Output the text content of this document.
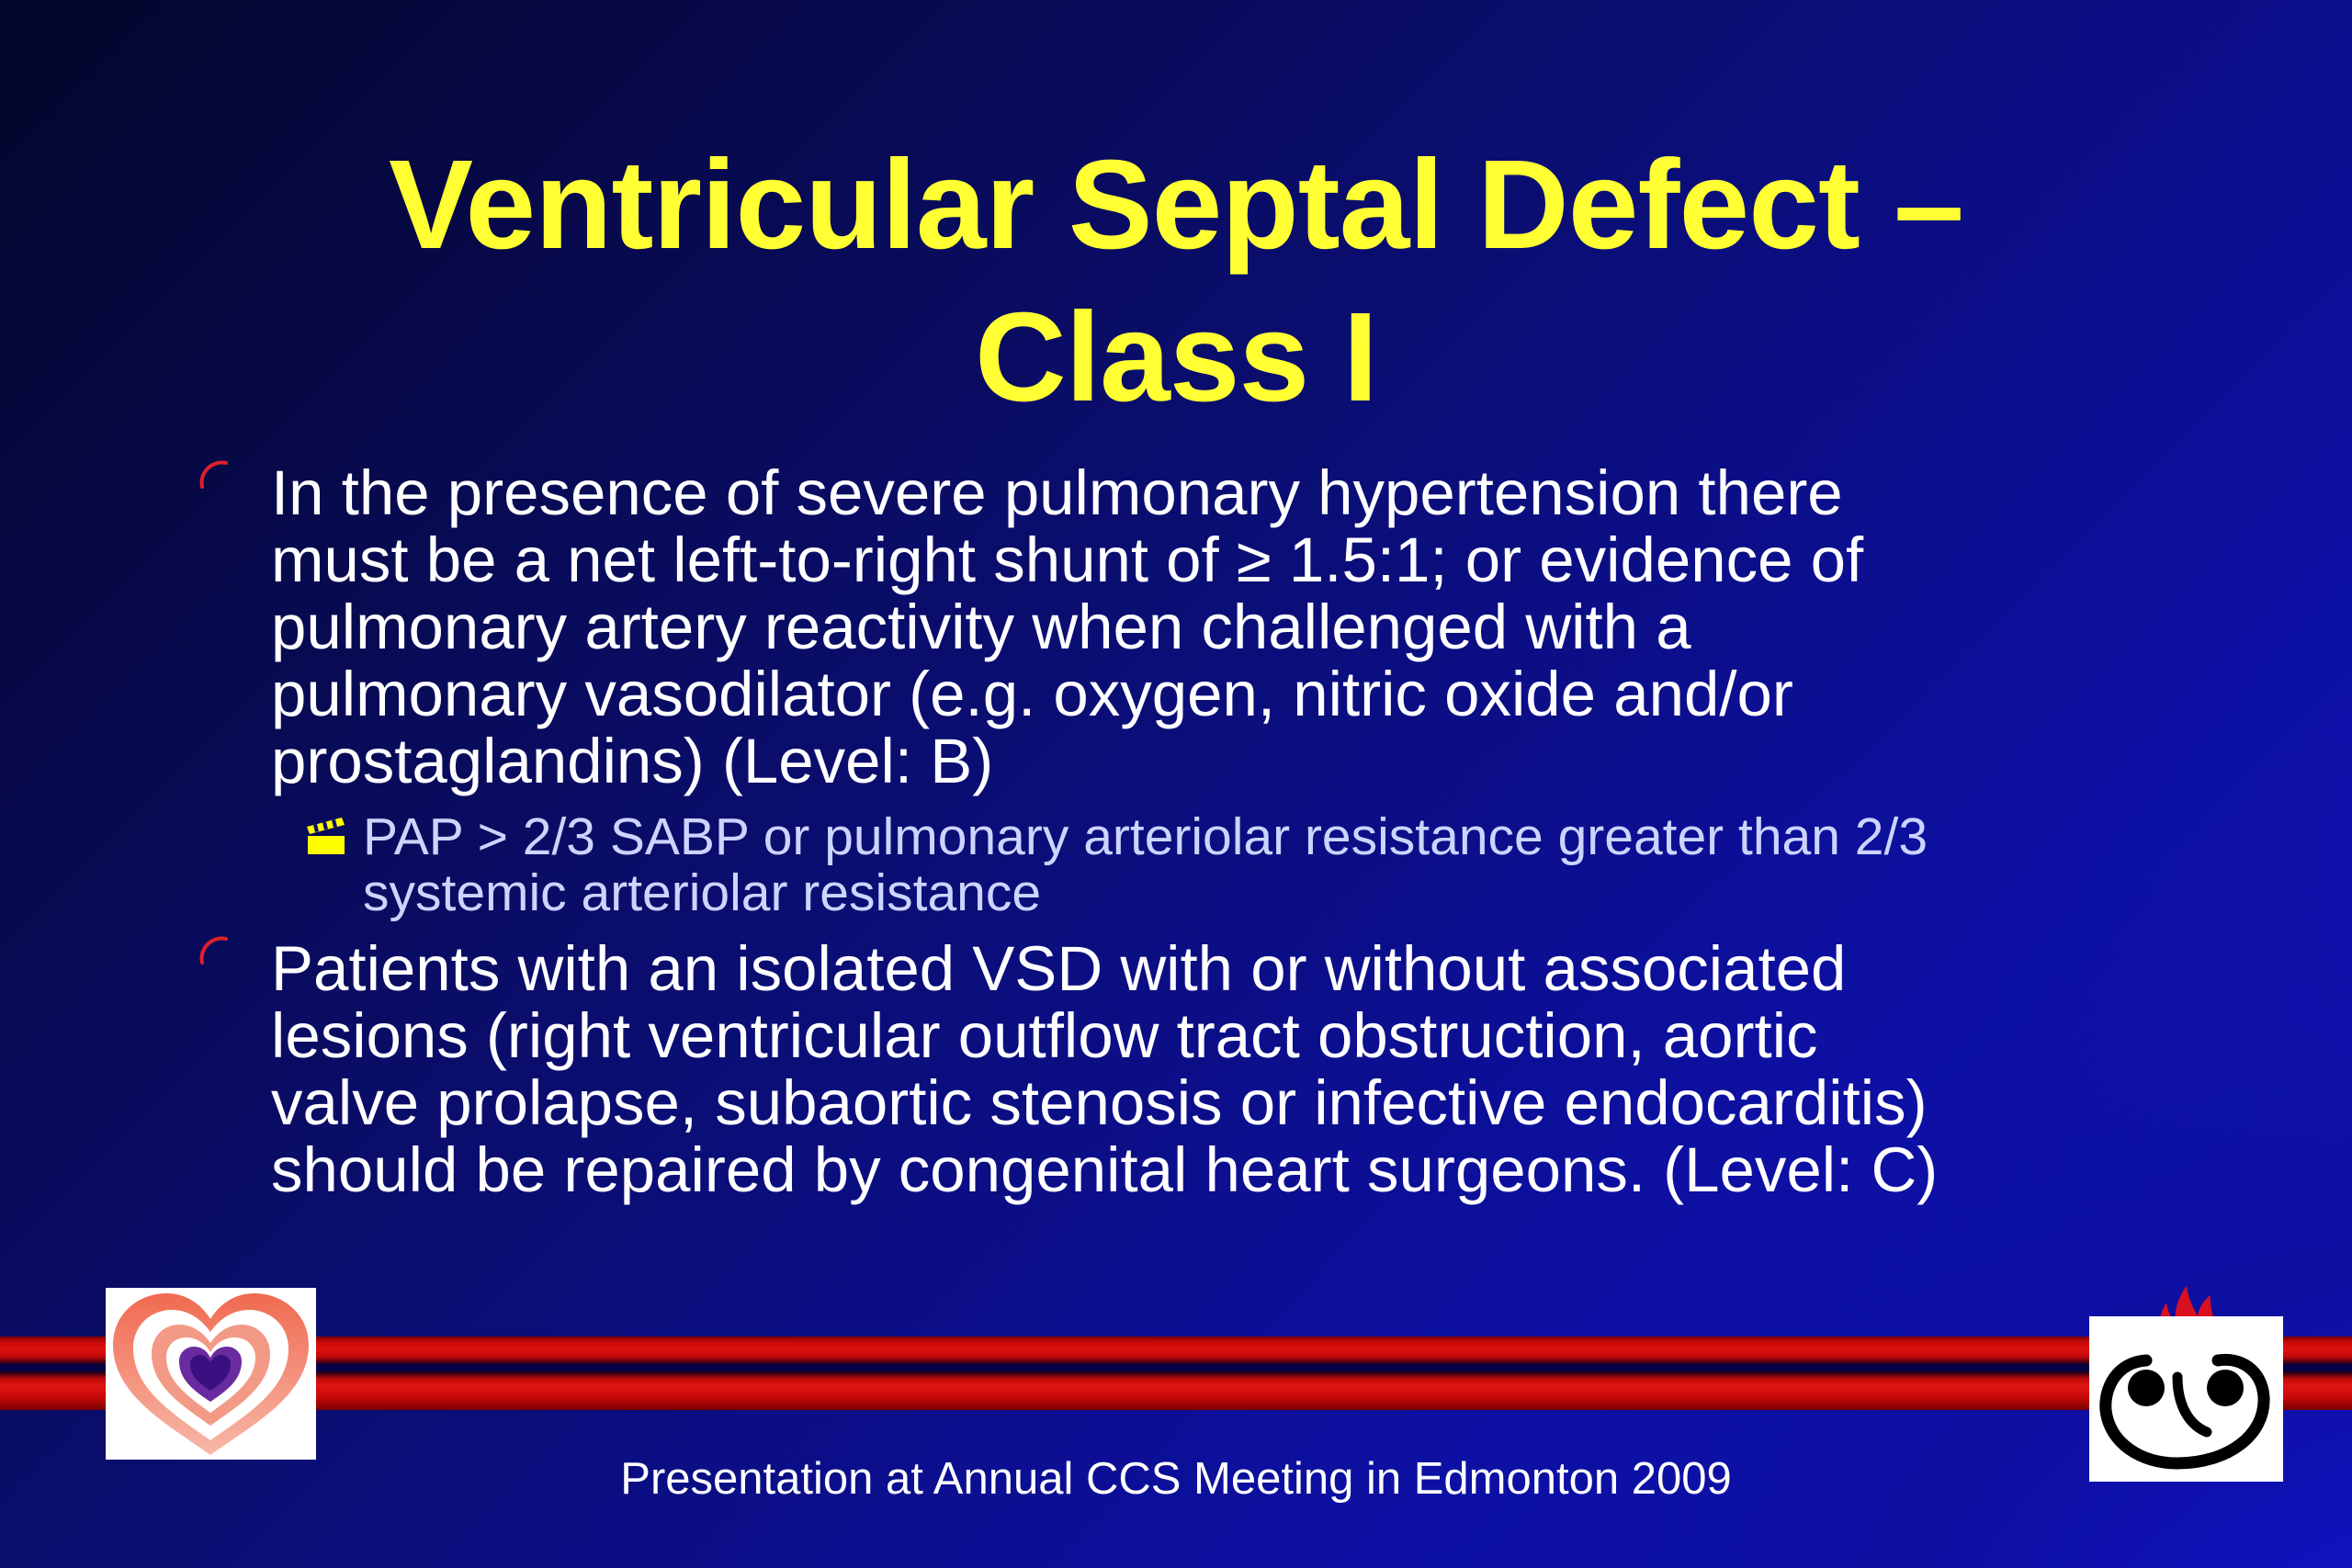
Ventricular Septal Defect –
Class I
In the presence of severe pulmonary hypertension there
must be a net left-to-right shunt of ≥ 1.5:1; or evidence of
pulmonary artery reactivity when challenged with a
pulmonary vasodilator (e.g. oxygen, nitric oxide and/or
prostaglandins) (Level: B)
PAP > 2/3 SABP or pulmonary arteriolar resistance greater than 2/3
systemic arteriolar resistance
Patients with an isolated VSD with or without associated
lesions (right ventricular outflow tract obstruction, aortic
valve prolapse, subaortic stenosis or infective endocarditis)
should be repaired by congenital heart surgeons. (Level: C)
Presentation at Annual CCS Meeting in Edmonton 2009
